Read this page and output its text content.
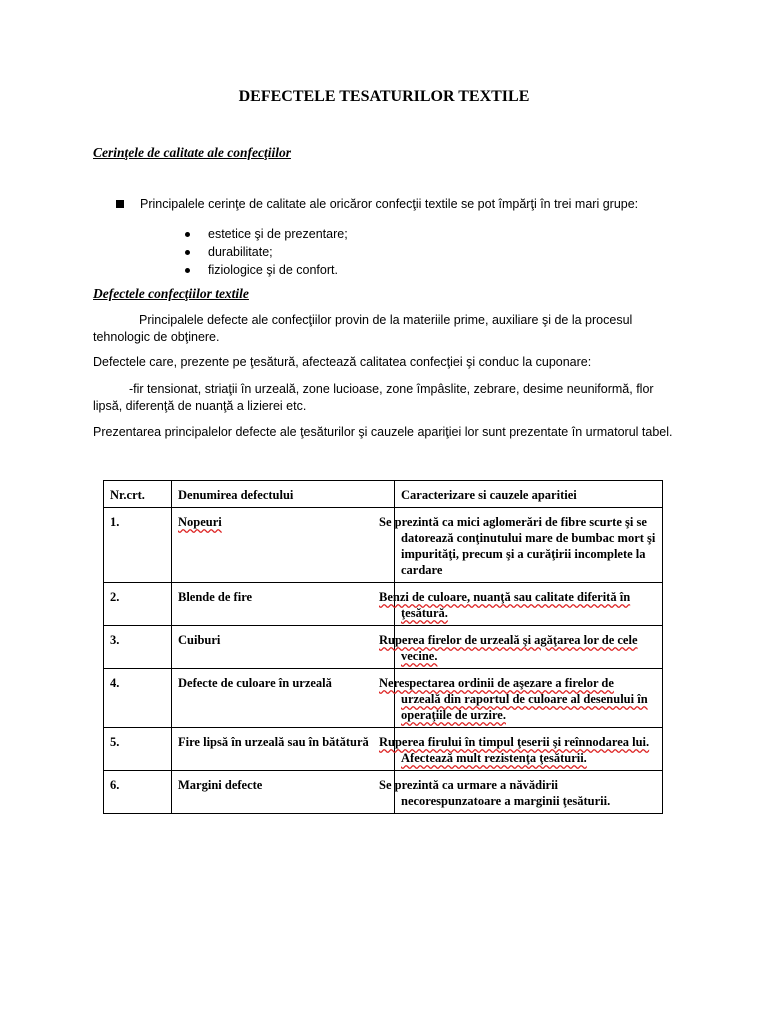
DEFECTELE TESATURILOR TEXTILE
Cerinţele de calitate ale confecţiilor
Principalele cerinţe de calitate ale oricăror confecţii textile se pot împărţi în trei mari grupe:
estetice şi de prezentare;
durabilitate;
fiziologice şi de confort.
Defectele confecţiilor textile
Principalele defecte ale confecţiilor provin de la materiile prime, auxiliare şi de la procesul tehnologic de obţinere.
Defectele care, prezente pe ţesătură, afectează calitatea confecţiei şi conduc la cuponare:
-fir tensionat, striaţii în urzeală, zone lucioase, zone împâslite, zebrare, desime neuniformă, flor lipsă, diferenţă de nuanţă a lizierei etc.
Prezentarea principalelor defecte ale ţesăturilor şi cauzele apariţiei lor sunt prezentate în urmatorul tabel.
Nr.crt.	Denumirea defectului	Caracterizare si cauzele aparitiei
1.	Nopeuri	Se prezintă ca mici aglomerări de fibre scurte şi se datorează conţinutului mare de bumbac mort şi impurităţi, precum şi a curăţirii incomplete la cardare
2.	Blende de fire	Benzi de culoare, nuanţă sau calitate diferită în ţesătură.
3.	Cuiburi	Ruperea firelor de urzeală şi agăţarea lor de cele vecine.
4.	Defecte de culoare în urzeală	Nerespectarea ordinii de aşezare a firelor de urzeală din raportul de culoare al desenului în operaţiile de urzire.
5.	Fire lipsă în urzeală sau în bătătură	Ruperea firului în timpul ţeserii şi reînnodarea lui. Afectează mult rezistenţa ţesăturii.
6.	Margini defecte	Se prezintă ca urmare a năvădirii necorespunzatoare a marginii ţesăturii.
